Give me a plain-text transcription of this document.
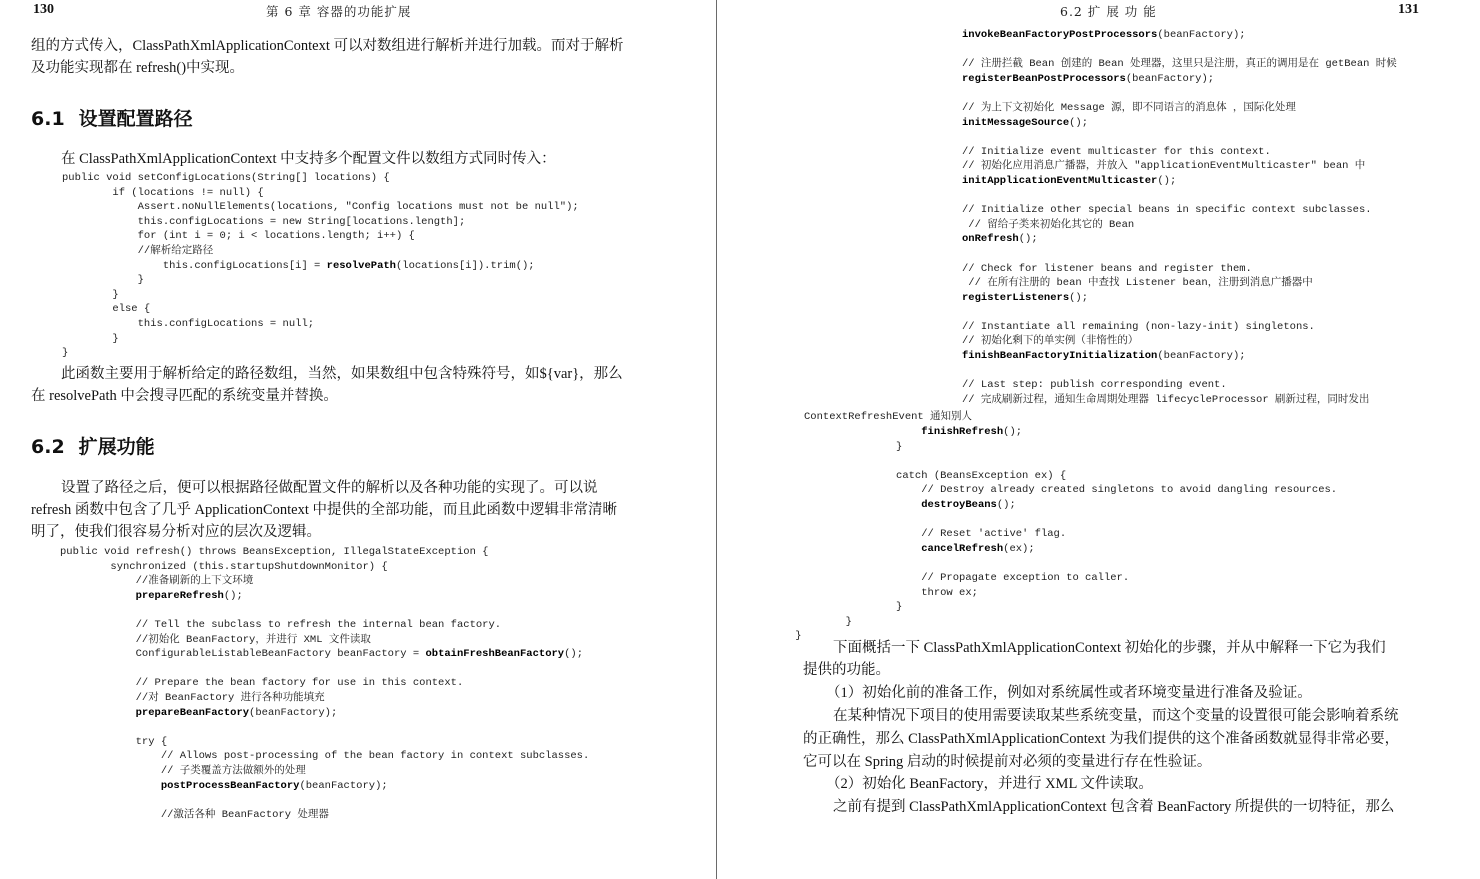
130	第 6 章 容器的功能扩展
组的方式传入，ClassPathXmlApplicationContext 可以对数组进行解析并进行加载。而对于解析
及功能实现都在 refresh()中实现。
6.1 设置配置路径
在 ClassPathXmlApplicationContext 中支持多个配置文件以数组方式同时传入：
public void setConfigLocations(String[] locations) {
if (locations != null) {
Assert.noNullElements(locations, "Config locations must not be null");
this.configLocations = new String[locations.length];
for (int i = 0; i < locations.length; i++) {
//解析给定路径
this.configLocations[i] = resolvePath(locations[i]).trim();
}
}
else {
this.configLocations = null;
}
}

此函数主要用于解析给定的路径数组，当然，如果数组中包含特殊符号，如${var}，那么
在 resolvePath 中会搜寻匹配的系统变量并替换。
6.2 扩展功能
设置了路径之后，便可以根据路径做配置文件的解析以及各种功能的实现了。可以说
refresh 函数中包含了几乎 ApplicationContext 中提供的全部功能，而且此函数中逻辑非常清晰
明了，使我们很容易分析对应的层次及逻辑。
public void refresh() throws BeansException, IllegalStateException {
synchronized (this.startupShutdownMonitor) {
//准备刷新的上下文环境
prepareRefresh();

// Tell the subclass to refresh the internal bean factory.
//初始化 BeanFactory，并进行 XML 文件读取
ConfigurableListableBeanFactory beanFactory = obtainFreshBeanFactory();

// Prepare the bean factory for use in this context.
//对 BeanFactory 进行各种功能填充
prepareBeanFactory(beanFactory);

try {
// Allows post-processing of the bean factory in context subclasses.
// 子类覆盖方法做额外的处理
postProcessBeanFactory(beanFactory);

//激活各种 BeanFactory 处理器

6.2 扩 展 功 能	131
invokeBeanFactoryPostProcessors(beanFactory);

// 注册拦截 Bean 创建的 Bean 处理器，这里只是注册，真正的调用是在 getBean 时候
registerBeanPostProcessors(beanFactory);

// 为上下文初始化 Message 源，即不同语言的消息体 ，国际化处理
initMessageSource();

// Initialize event multicaster for this context.
// 初始化应用消息广播器，并放入 "applicationEventMulticaster" bean 中
initApplicationEventMulticaster();

// Initialize other special beans in specific context subclasses.
// 留给子类来初始化其它的 Bean
onRefresh();

// Check for listener beans and register them.
// 在所有注册的 bean 中查找 Listener bean，注册到消息广播器中
registerListeners();

// Instantiate all remaining (non-lazy-init) singletons.
// 初始化剩下的单实例（非惰性的）
finishBeanFactoryInitialization(beanFactory);

// Last step: publish corresponding event.
// 完成刷新过程，通知生命周期处理器 lifecycleProcessor 刷新过程，同时发出

ContextRefreshEvent 通知别人
finishRefresh();
}

catch (BeansException ex) {
// Destroy already created singletons to avoid dangling resources.
destroyBeans();

// Reset 'active' flag.
cancelRefresh(ex);

// Propagate exception to caller.
throw ex;
}
}
}

下面概括一下 ClassPathXmlApplicationContext 初始化的步骤，并从中解释一下它为我们
提供的功能。
（1）初始化前的准备工作，例如对系统属性或者环境变量进行准备及验证。
在某种情况下项目的使用需要读取某些系统变量，而这个变量的设置很可能会影响着系统
的正确性，那么 ClassPathXmlApplicationContext 为我们提供的这个准备函数就显得非常必要，
它可以在 Spring 启动的时候提前对必须的变量进行存在性验证。
（2）初始化 BeanFactory，并进行 XML 文件读取。
之前有提到 ClassPathXmlApplicationContext 包含着 BeanFactory 所提供的一切特征，那么
